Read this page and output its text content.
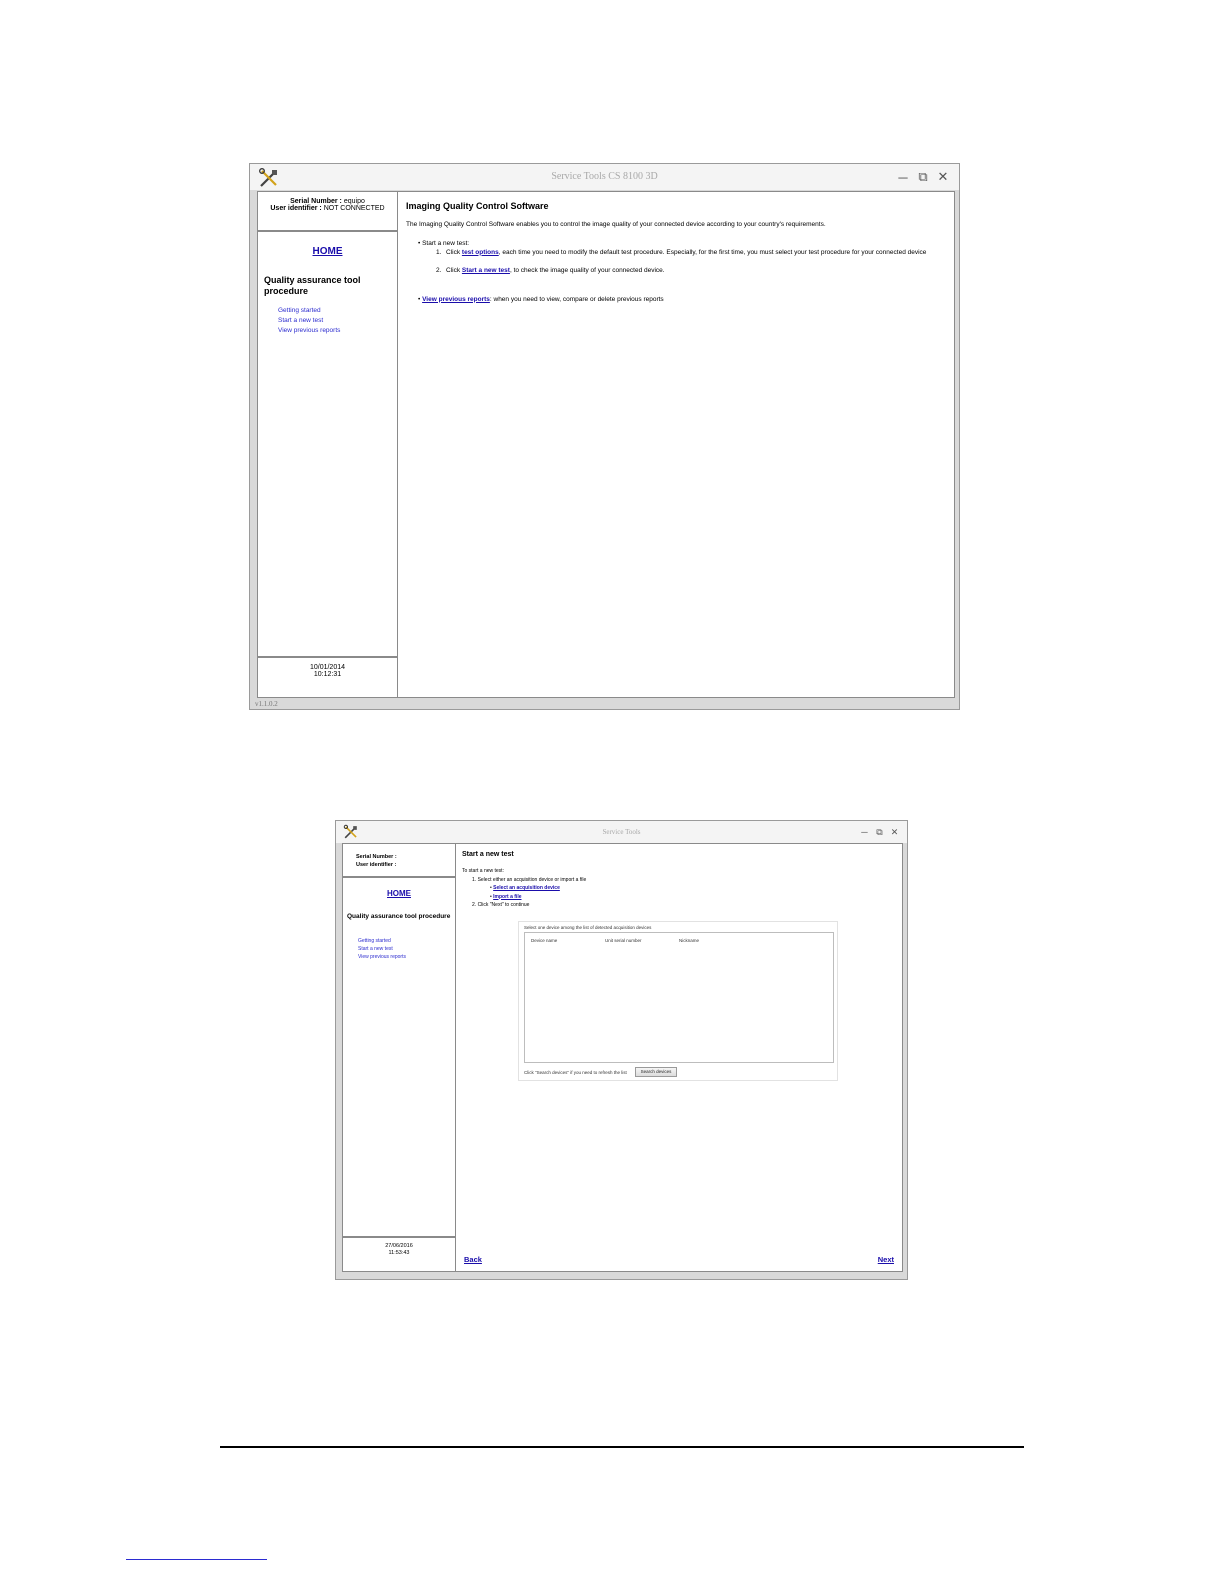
Service Tools CS 8100 3D	─ ⧉ ✕
Serial Number : equipo
User identifier : NOT CONNECTED
HOME
Quality assurance tool procedure
Getting started
Start a new test
View previous reports
10/01/2014
10:12:31
Imaging Quality Control Software
The Imaging Quality Control Software enables you to control the image quality of your connected device according to your country's requirements.
• Start a new test:
1. Click test options, each time you need to modify the default test procedure. Especially, for the first time, you must select your test procedure for your connected device
2. Click Start a new test, to check the image quality of your connected device.
• View previous reports: when you need to view, compare or delete previous reports
v1.1.0.2
Service Tools	─ ⧉ ✕
Serial Number :
User identifier :
HOME
Quality assurance tool procedure
Getting started
Start a new test
View previous reports
27/06/2016
11:53:43
Start a new test
To start a new test:
1. Select either an acquisition device or import a file
• Select an acquisition device
• Import a file
2. Click "Next" to continue
Select one device among the list of detected acquisition devices
Device name	Unit serial number	Nickname
Click "Search devices" if you need to refresh the list	Search devices
Back	Next
